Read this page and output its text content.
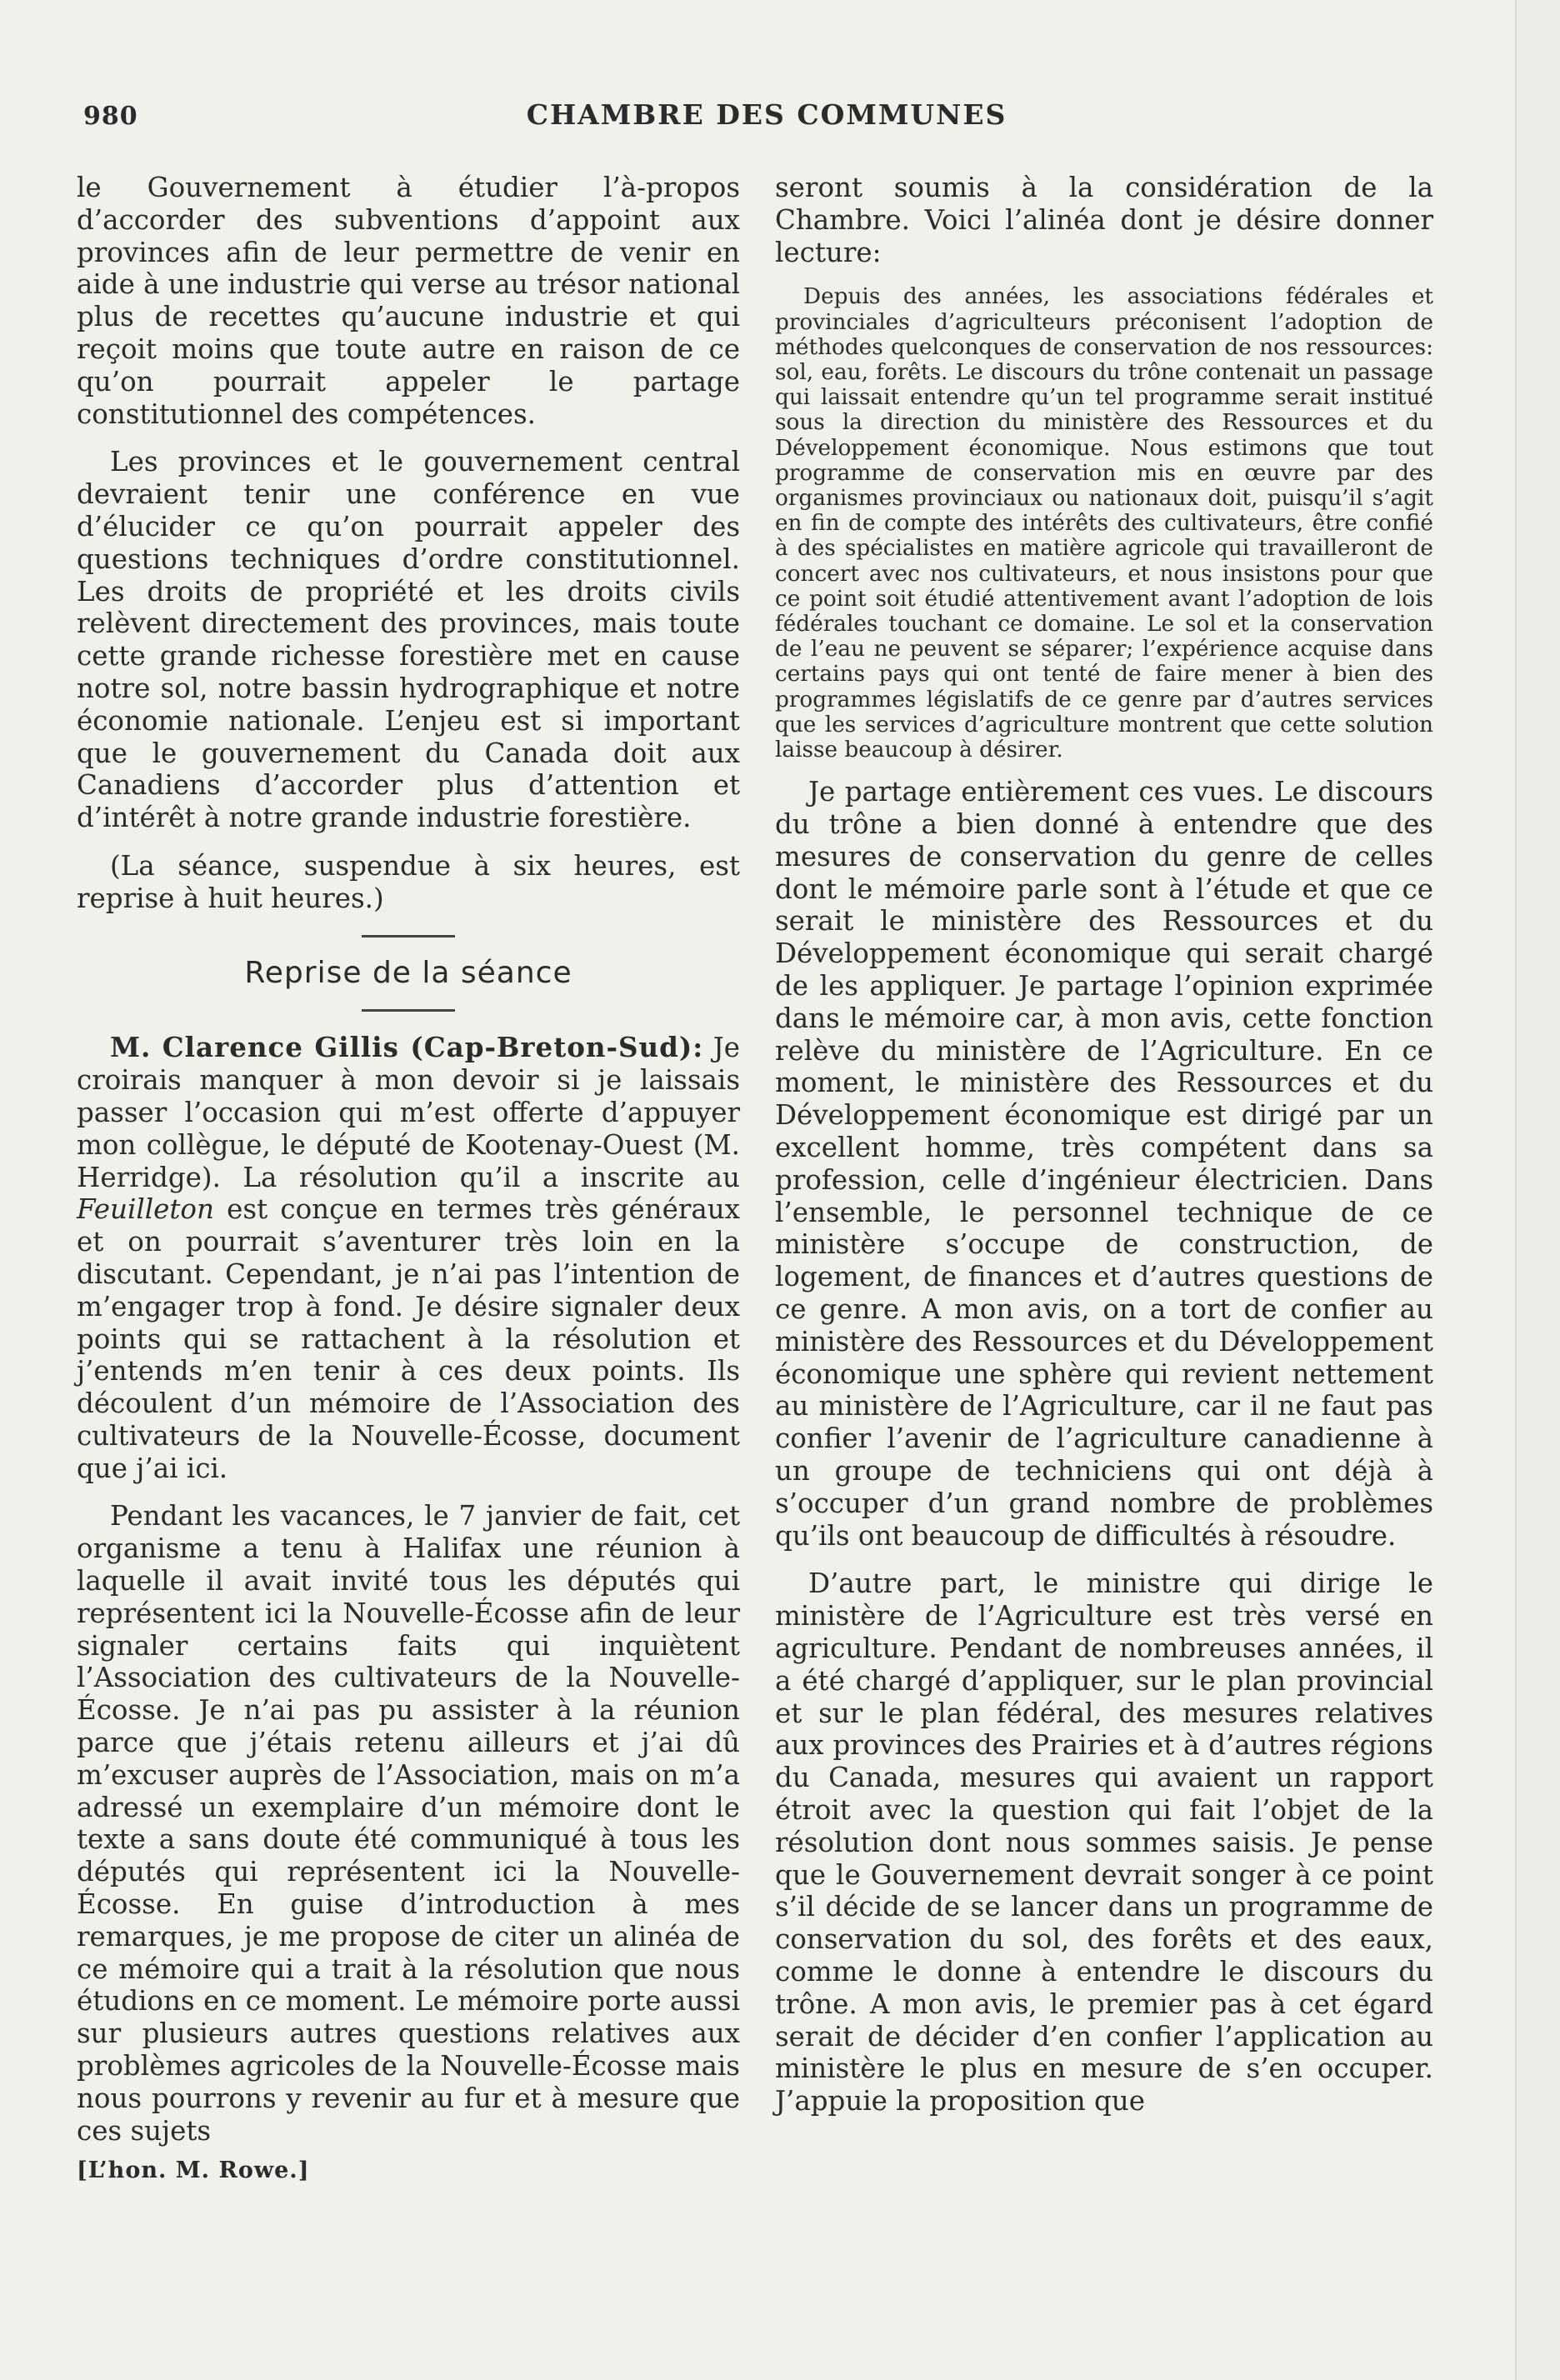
980	CHAMBRE DES COMMUNES

le Gouvernement à étudier l’à-propos d’accorder des subventions d’appoint aux provinces afin de leur permettre de venir en aide à une industrie qui verse au trésor national plus de recettes qu’aucune industrie et qui reçoit moins que toute autre en raison de ce qu’on pourrait appeler le partage constitutionnel des compétences.

Les provinces et le gouvernement central devraient tenir une conférence en vue d’élucider ce qu’on pourrait appeler des questions techniques d’ordre constitutionnel. Les droits de propriété et les droits civils relèvent directement des provinces, mais toute cette grande richesse forestière met en cause notre sol, notre bassin hydrographique et notre économie nationale. L’enjeu est si important que le gouvernement du Canada doit aux Canadiens d’accorder plus d’attention et d’intérêt à notre grande industrie forestière.

(La séance, suspendue à six heures, est reprise à huit heures.)

Reprise de la séance

M. Clarence Gillis (Cap-Breton-Sud): Je croirais manquer à mon devoir si je laissais passer l’occasion qui m’est offerte d’appuyer mon collègue, le député de Kootenay-Ouest (M. Herridge). La résolution qu’il a inscrite au Feuilleton est conçue en termes très généraux et on pourrait s’aventurer très loin en la discutant. Cependant, je n’ai pas l’intention de m’engager trop à fond. Je désire signaler deux points qui se rattachent à la résolution et j’entends m’en tenir à ces deux points. Ils découlent d’un mémoire de l’Association des cultivateurs de la Nouvelle-Écosse, document que j’ai ici.

Pendant les vacances, le 7 janvier de fait, cet organisme a tenu à Halifax une réunion à laquelle il avait invité tous les députés qui représentent ici la Nouvelle-Écosse afin de leur signaler certains faits qui inquiètent l’Association des cultivateurs de la Nouvelle-Écosse. Je n’ai pas pu assister à la réunion parce que j’étais retenu ailleurs et j’ai dû m’excuser auprès de l’Association, mais on m’a adressé un exemplaire d’un mémoire dont le texte a sans doute été communiqué à tous les députés qui représentent ici la Nouvelle-Écosse. En guise d’introduction à mes remarques, je me propose de citer un alinéa de ce mémoire qui a trait à la résolution que nous étudions en ce moment. Le mémoire porte aussi sur plusieurs autres questions relatives aux problèmes agricoles de la Nouvelle-Écosse mais nous pourrons y revenir au fur et à mesure que ces sujets

[L’hon. M. Rowe.]

seront soumis à la considération de la Chambre. Voici l’alinéa dont je désire donner lecture:

Depuis des années, les associations fédérales et provinciales d’agriculteurs préconisent l’adoption de méthodes quelconques de conservation de nos ressources: sol, eau, forêts. Le discours du trône contenait un passage qui laissait entendre qu’un tel programme serait institué sous la direction du ministère des Ressources et du Développement économique. Nous estimons que tout programme de conservation mis en œuvre par des organismes provinciaux ou nationaux doit, puisqu’il s’agit en fin de compte des intérêts des cultivateurs, être confié à des spécialistes en matière agricole qui travailleront de concert avec nos cultivateurs, et nous insistons pour que ce point soit étudié attentivement avant l’adoption de lois fédérales touchant ce domaine. Le sol et la conservation de l’eau ne peuvent se séparer; l’expérience acquise dans certains pays qui ont tenté de faire mener à bien des programmes législatifs de ce genre par d’autres services que les services d’agriculture montrent que cette solution laisse beaucoup à désirer.

Je partage entièrement ces vues. Le discours du trône a bien donné à entendre que des mesures de conservation du genre de celles dont le mémoire parle sont à l’étude et que ce serait le ministère des Ressources et du Développement économique qui serait chargé de les appliquer. Je partage l’opinion exprimée dans le mémoire car, à mon avis, cette fonction relève du ministère de l’Agriculture. En ce moment, le ministère des Ressources et du Développement économique est dirigé par un excellent homme, très compétent dans sa profession, celle d’ingénieur électricien. Dans l’ensemble, le personnel technique de ce ministère s’occupe de construction, de logement, de finances et d’autres questions de ce genre. A mon avis, on a tort de confier au ministère des Ressources et du Développement économique une sphère qui revient nettement au ministère de l’Agriculture, car il ne faut pas confier l’avenir de l’agriculture canadienne à un groupe de techniciens qui ont déjà à s’occuper d’un grand nombre de problèmes qu’ils ont beaucoup de difficultés à résoudre.

D’autre part, le ministre qui dirige le ministère de l’Agriculture est très versé en agriculture. Pendant de nombreuses années, il a été chargé d’appliquer, sur le plan provincial et sur le plan fédéral, des mesures relatives aux provinces des Prairies et à d’autres régions du Canada, mesures qui avaient un rapport étroit avec la question qui fait l’objet de la résolution dont nous sommes saisis. Je pense que le Gouvernement devrait songer à ce point s’il décide de se lancer dans un programme de conservation du sol, des forêts et des eaux, comme le donne à entendre le discours du trône. A mon avis, le premier pas à cet égard serait de décider d’en confier l’application au ministère le plus en mesure de s’en occuper. J’appuie la proposition que
